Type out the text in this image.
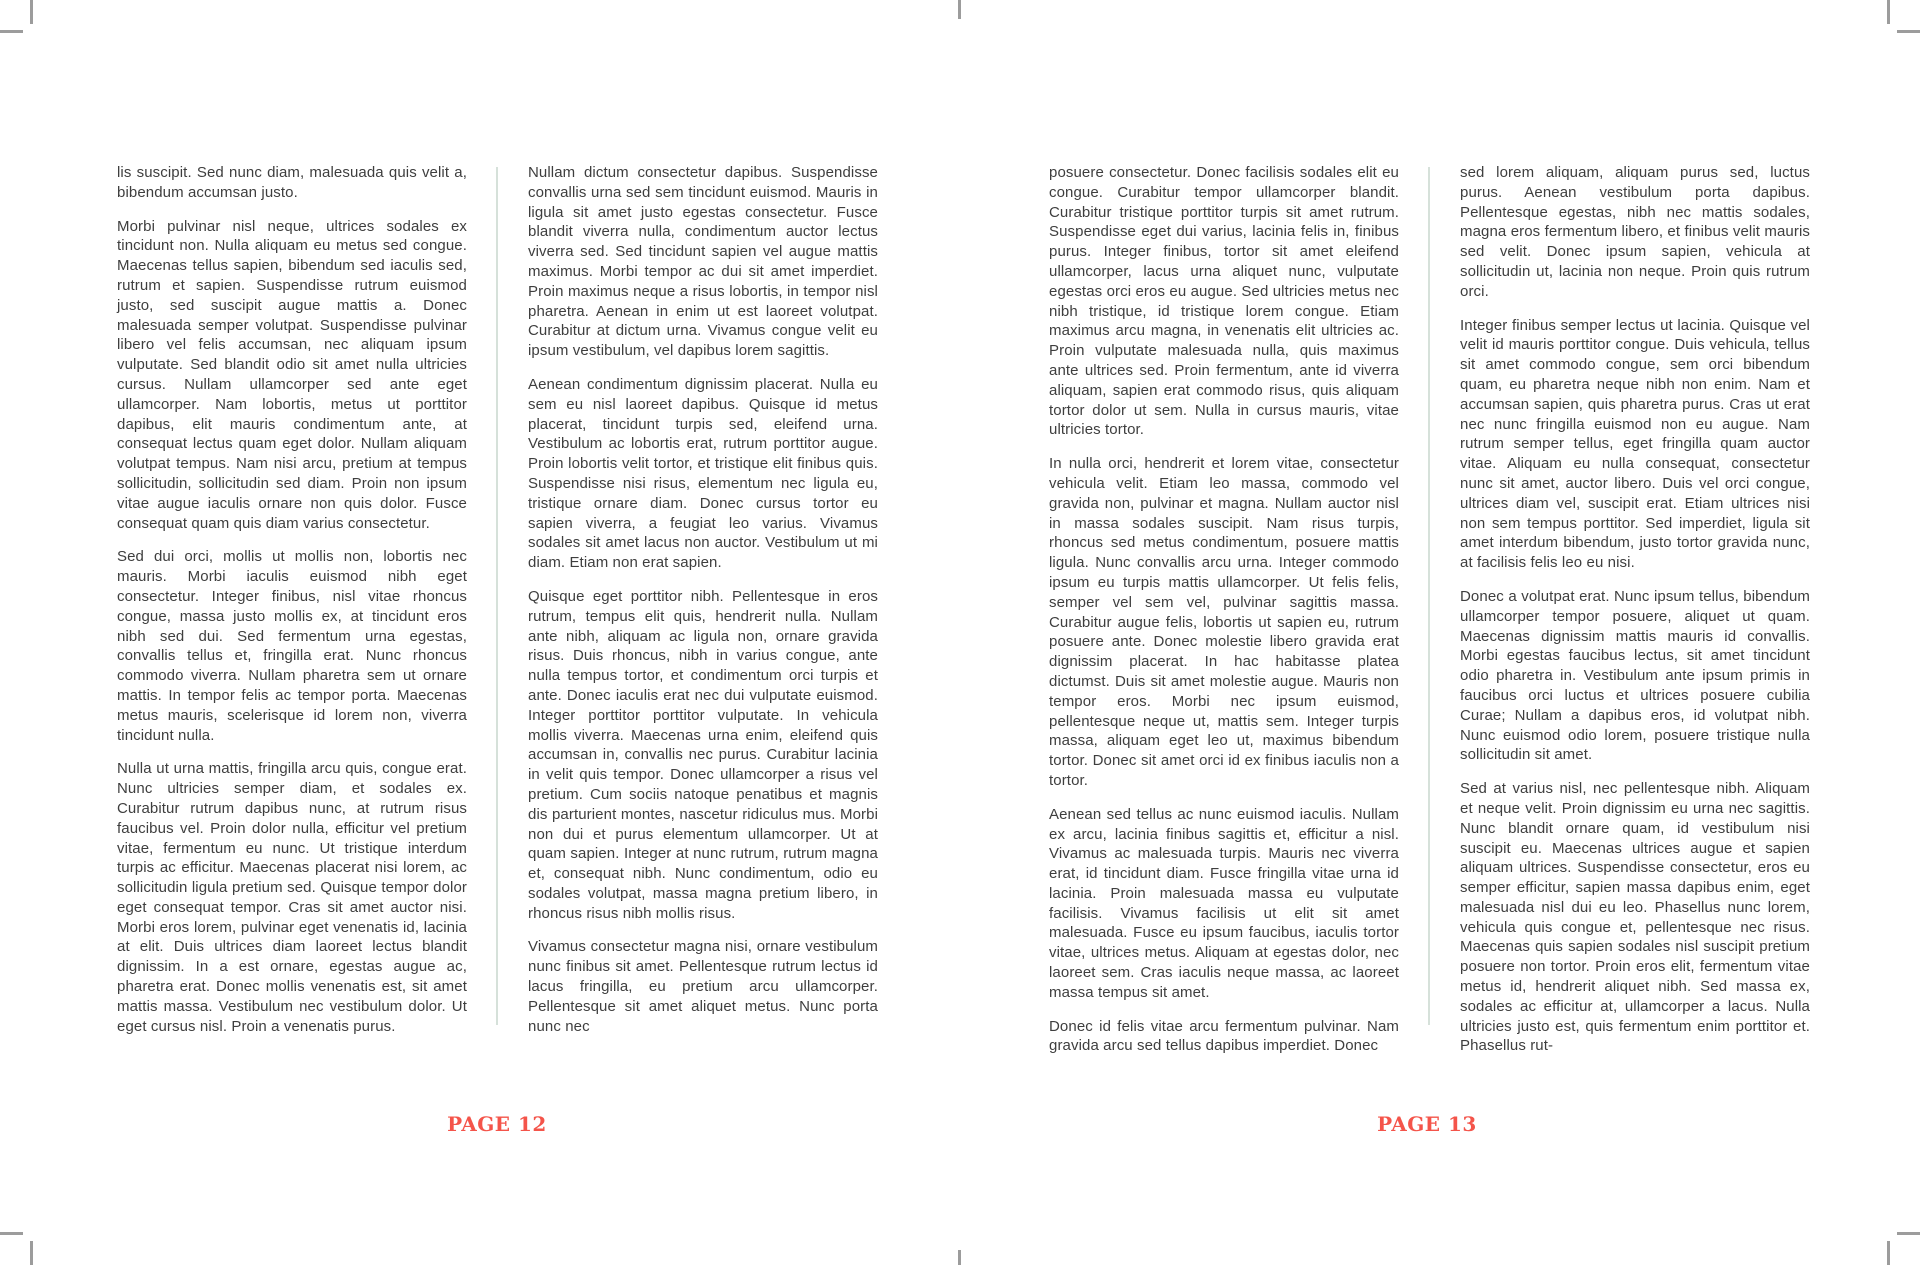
lis suscipit. Sed nunc diam, malesuada quis velit a, bibendum accumsan justo.

Morbi pulvinar nisl neque, ultrices sodales ex tincidunt non. Nulla aliquam eu metus sed congue. Maecenas tellus sapien, bibendum sed iaculis sed, rutrum et sapien. Suspendisse rutrum euismod justo, sed suscipit augue mattis a. Donec malesuada semper volutpat. Suspendisse pulvinar libero vel felis accumsan, nec aliquam ipsum vulputate. Sed blandit odio sit amet nulla ultricies cursus. Nullam ullamcorper sed ante eget ullamcorper. Nam lobortis, metus ut porttitor dapibus, elit mauris condimentum ante, at consequat lectus quam eget dolor. Nullam aliquam volutpat tempus. Nam nisi arcu, pretium at tempus sollicitudin, sollicitudin sed diam. Proin non ipsum vitae augue iaculis ornare non quis dolor. Fusce consequat quam quis diam varius consectetur.

Sed dui orci, mollis ut mollis non, lobortis nec mauris. Morbi iaculis euismod nibh eget consectetur. Integer finibus, nisl vitae rhoncus congue, massa justo mollis ex, at tincidunt eros nibh sed dui. Sed fermentum urna egestas, convallis tellus et, fringilla erat. Nunc rhoncus commodo viverra. Nullam pharetra sem ut ornare mattis. In tempor felis ac tempor porta. Maecenas metus mauris, scelerisque id lorem non, viverra tincidunt nulla.

Nulla ut urna mattis, fringilla arcu quis, congue erat. Nunc ultricies semper diam, et sodales ex. Curabitur rutrum dapibus nunc, at rutrum risus faucibus vel. Proin dolor nulla, efficitur vel pretium vitae, fermentum eu nunc. Ut tristique interdum turpis ac efficitur. Maecenas placerat nisi lorem, ac sollicitudin ligula pretium sed. Quisque tempor dolor eget consequat tempor. Cras sit amet auctor nisi. Morbi eros lorem, pulvinar eget venenatis id, lacinia at elit. Duis ultrices diam laoreet lectus blandit dignissim. In a est ornare, egestas augue ac, pharetra erat. Donec mollis venenatis est, sit amet mattis massa. Vestibulum nec vestibulum dolor. Ut eget cursus nisl. Proin a venenatis purus.

Nullam dictum consectetur dapibus. Suspendisse convallis urna sed sem tincidunt euismod. Mauris in ligula sit amet justo egestas consectetur. Fusce blandit viverra nulla, condimentum auctor lectus viverra sed. Sed tincidunt sapien vel augue mattis maximus. Morbi tempor ac dui sit amet imperdiet. Proin maximus neque a risus lobortis, in tempor nisl pharetra. Aenean in enim ut est laoreet volutpat. Curabitur at dictum urna. Vivamus congue velit eu ipsum vestibulum, vel dapibus lorem sagittis.

Aenean condimentum dignissim placerat. Nulla eu sem eu nisl laoreet dapibus. Quisque id metus placerat, tincidunt turpis sed, eleifend urna. Vestibulum ac lobortis erat, rutrum porttitor augue. Proin lobortis velit tortor, et tristique elit finibus quis. Suspendisse nisi risus, elementum nec ligula eu, tristique ornare diam. Donec cursus tortor eu sapien viverra, a feugiat leo varius. Vivamus sodales sit amet lacus non auctor. Vestibulum ut mi diam. Etiam non erat sapien.

Quisque eget porttitor nibh. Pellentesque in eros rutrum, tempus elit quis, hendrerit nulla. Nullam ante nibh, aliquam ac ligula non, ornare gravida risus. Duis rhoncus, nibh in varius congue, ante nulla tempus tortor, et condimentum orci turpis et ante. Donec iaculis erat nec dui vulputate euismod. Integer porttitor porttitor vulputate. In vehicula mollis viverra. Maecenas urna enim, eleifend quis accumsan in, convallis nec purus. Curabitur lacinia in velit quis tempor. Donec ullamcorper a risus vel pretium. Cum sociis natoque penatibus et magnis dis parturient montes, nascetur ridiculus mus. Morbi non dui et purus elementum ullamcorper. Ut at quam sapien. Integer at nunc rutrum, rutrum magna et, consequat nibh. Nunc condimentum, odio eu sodales volutpat, massa magna pretium libero, in rhoncus risus nibh mollis risus.

Vivamus consectetur magna nisi, ornare vestibulum nunc finibus sit amet. Pellentesque rutrum lectus id lacus fringilla, eu pretium arcu ullamcorper. Pellentesque sit amet aliquet metus. Nunc porta nunc nec

PAGE 12

posuere consectetur. Donec facilisis sodales elit eu congue. Curabitur tempor ullamcorper blandit. Curabitur tristique porttitor turpis sit amet rutrum. Suspendisse eget dui varius, lacinia felis in, finibus purus. Integer finibus, tortor sit amet eleifend ullamcorper, lacus urna aliquet nunc, vulputate egestas orci eros eu augue. Sed ultricies metus nec nibh tristique, id tristique lorem congue. Etiam maximus arcu magna, in venenatis elit ultricies ac. Proin vulputate malesuada nulla, quis maximus ante ultrices sed. Proin fermentum, ante id viverra aliquam, sapien erat commodo risus, quis aliquam tortor dolor ut sem. Nulla in cursus mauris, vitae ultricies tortor.

In nulla orci, hendrerit et lorem vitae, consectetur vehicula velit. Etiam leo massa, commodo vel gravida non, pulvinar et magna. Nullam auctor nisl in massa sodales suscipit. Nam risus turpis, rhoncus sed metus condimentum, posuere mattis ligula. Nunc convallis arcu urna. Integer commodo ipsum eu turpis mattis ullamcorper. Ut felis felis, semper vel sem vel, pulvinar sagittis massa. Curabitur augue felis, lobortis ut sapien eu, rutrum posuere ante. Donec molestie libero gravida erat dignissim placerat. In hac habitasse platea dictumst. Duis sit amet molestie augue. Mauris non tempor eros. Morbi nec ipsum euismod, pellentesque neque ut, mattis sem. Integer turpis massa, aliquam eget leo ut, maximus bibendum tortor. Donec sit amet orci id ex finibus iaculis non a tortor.

Aenean sed tellus ac nunc euismod iaculis. Nullam ex arcu, lacinia finibus sagittis et, efficitur a nisl. Vivamus ac malesuada turpis. Mauris nec viverra erat, id tincidunt diam. Fusce fringilla vitae urna id lacinia. Proin malesuada massa eu vulputate facilisis. Vivamus facilisis ut elit sit amet malesuada. Fusce eu ipsum faucibus, iaculis tortor vitae, ultrices metus. Aliquam at egestas dolor, nec laoreet sem. Cras iaculis neque massa, ac laoreet massa tempus sit amet.

Donec id felis vitae arcu fermentum pulvinar. Nam gravida arcu sed tellus dapibus imperdiet. Donec

sed lorem aliquam, aliquam purus sed, luctus purus. Aenean vestibulum porta dapibus. Pellentesque egestas, nibh nec mattis sodales, magna eros fermentum libero, et finibus velit mauris sed velit. Donec ipsum sapien, vehicula at sollicitudin ut, lacinia non neque. Proin quis rutrum orci.

Integer finibus semper lectus ut lacinia. Quisque vel velit id mauris porttitor congue. Duis vehicula, tellus sit amet commodo congue, sem orci bibendum quam, eu pharetra neque nibh non enim. Nam et accumsan sapien, quis pharetra purus. Cras ut erat nec nunc fringilla euismod non eu augue. Nam rutrum semper tellus, eget fringilla quam auctor vitae. Aliquam eu nulla consequat, consectetur nunc sit amet, auctor libero. Duis vel orci congue, ultrices diam vel, suscipit erat. Etiam ultrices nisi non sem tempus porttitor. Sed imperdiet, ligula sit amet interdum bibendum, justo tortor gravida nunc, at facilisis felis leo eu nisi.

Donec a volutpat erat. Nunc ipsum tellus, bibendum ullamcorper tempor posuere, aliquet ut quam. Maecenas dignissim mattis mauris id convallis. Morbi egestas faucibus lectus, sit amet tincidunt odio pharetra in. Vestibulum ante ipsum primis in faucibus orci luctus et ultrices posuere cubilia Curae; Nullam a dapibus eros, id volutpat nibh. Nunc euismod odio lorem, posuere tristique nulla sollicitudin sit amet.

Sed at varius nisl, nec pellentesque nibh. Aliquam et neque velit. Proin dignissim eu urna nec sagittis. Nunc blandit ornare quam, id vestibulum nisi suscipit eu. Maecenas ultrices augue et sapien aliquam ultrices. Suspendisse consectetur, eros eu semper efficitur, sapien massa dapibus enim, eget malesuada nisl dui eu leo. Phasellus nunc lorem, vehicula quis congue et, pellentesque nec risus. Maecenas quis sapien sodales nisl suscipit pretium posuere non tortor. Proin eros elit, fermentum vitae metus id, hendrerit aliquet nibh. Sed massa ex, sodales ac efficitur at, ullamcorper a lacus. Nulla ultricies justo est, quis fermentum enim porttitor et. Phasellus rut-

PAGE 13
